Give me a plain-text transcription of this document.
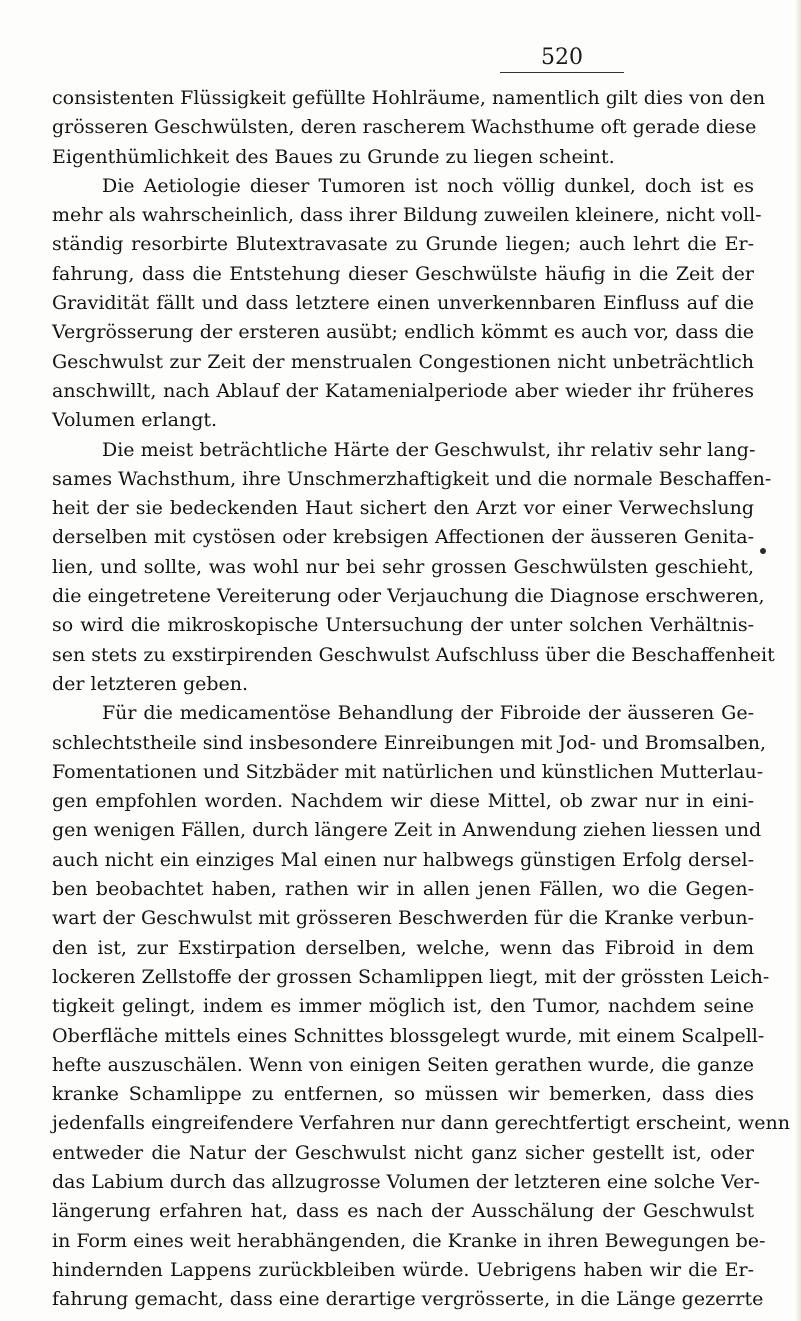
520
consistenten Flüssigkeit gefüllte Hohlräume, namentlich gilt dies von den
grösseren Geschwülsten, deren rascherem Wachsthume oft gerade diese
Eigenthümlichkeit des Baues zu Grunde zu liegen scheint.
Die Aetiologie dieser Tumoren ist noch völlig dunkel, doch ist es
mehr als wahrscheinlich, dass ihrer Bildung zuweilen kleinere, nicht voll-
ständig resorbirte Blutextravasate zu Grunde liegen; auch lehrt die Er-
fahrung, dass die Entstehung dieser Geschwülste häufig in die Zeit der
Gravidität fällt und dass letztere einen unverkennbaren Einfluss auf die
Vergrösserung der ersteren ausübt; endlich kömmt es auch vor, dass die
Geschwulst zur Zeit der menstrualen Congestionen nicht unbeträchtlich
anschwillt, nach Ablauf der Katamenialperiode aber wieder ihr früheres
Volumen erlangt.
Die meist beträchtliche Härte der Geschwulst, ihr relativ sehr lang-
sames Wachsthum, ihre Unschmerzhaftigkeit und die normale Beschaffen-
heit der sie bedeckenden Haut sichert den Arzt vor einer Verwechslung
derselben mit cystösen oder krebsigen Affectionen der äusseren Genita-
lien, und sollte, was wohl nur bei sehr grossen Geschwülsten geschieht,
die eingetretene Vereiterung oder Verjauchung die Diagnose erschweren,
so wird die mikroskopische Untersuchung der unter solchen Verhältnis-
sen stets zu exstirpirenden Geschwulst Aufschluss über die Beschaffenheit
der letzteren geben.
Für die medicamentöse Behandlung der Fibroide der äusseren Ge-
schlechtstheile sind insbesondere Einreibungen mit Jod- und Bromsalben,
Fomentationen und Sitzbäder mit natürlichen und künstlichen Mutterlau-
gen empfohlen worden. Nachdem wir diese Mittel, ob zwar nur in eini-
gen wenigen Fällen, durch längere Zeit in Anwendung ziehen liessen und
auch nicht ein einziges Mal einen nur halbwegs günstigen Erfolg dersel-
ben beobachtet haben, rathen wir in allen jenen Fällen, wo die Gegen-
wart der Geschwulst mit grösseren Beschwerden für die Kranke verbun-
den ist, zur Exstirpation derselben, welche, wenn das Fibroid in dem
lockeren Zellstoffe der grossen Schamlippen liegt, mit der grössten Leich-
tigkeit gelingt, indem es immer möglich ist, den Tumor, nachdem seine
Oberfläche mittels eines Schnittes blossgelegt wurde, mit einem Scalpell-
hefte auszuschälen. Wenn von einigen Seiten gerathen wurde, die ganze
kranke Schamlippe zu entfernen, so müssen wir bemerken, dass dies
jedenfalls eingreifendere Verfahren nur dann gerechtfertigt erscheint, wenn
entweder die Natur der Geschwulst nicht ganz sicher gestellt ist, oder
das Labium durch das allzugrosse Volumen der letzteren eine solche Ver-
längerung erfahren hat, dass es nach der Ausschälung der Geschwulst
in Form eines weit herabhängenden, die Kranke in ihren Bewegungen be-
hindernden Lappens zurückbleiben würde. Uebrigens haben wir die Er-
fahrung gemacht, dass eine derartige vergrösserte, in die Länge gezerrte
